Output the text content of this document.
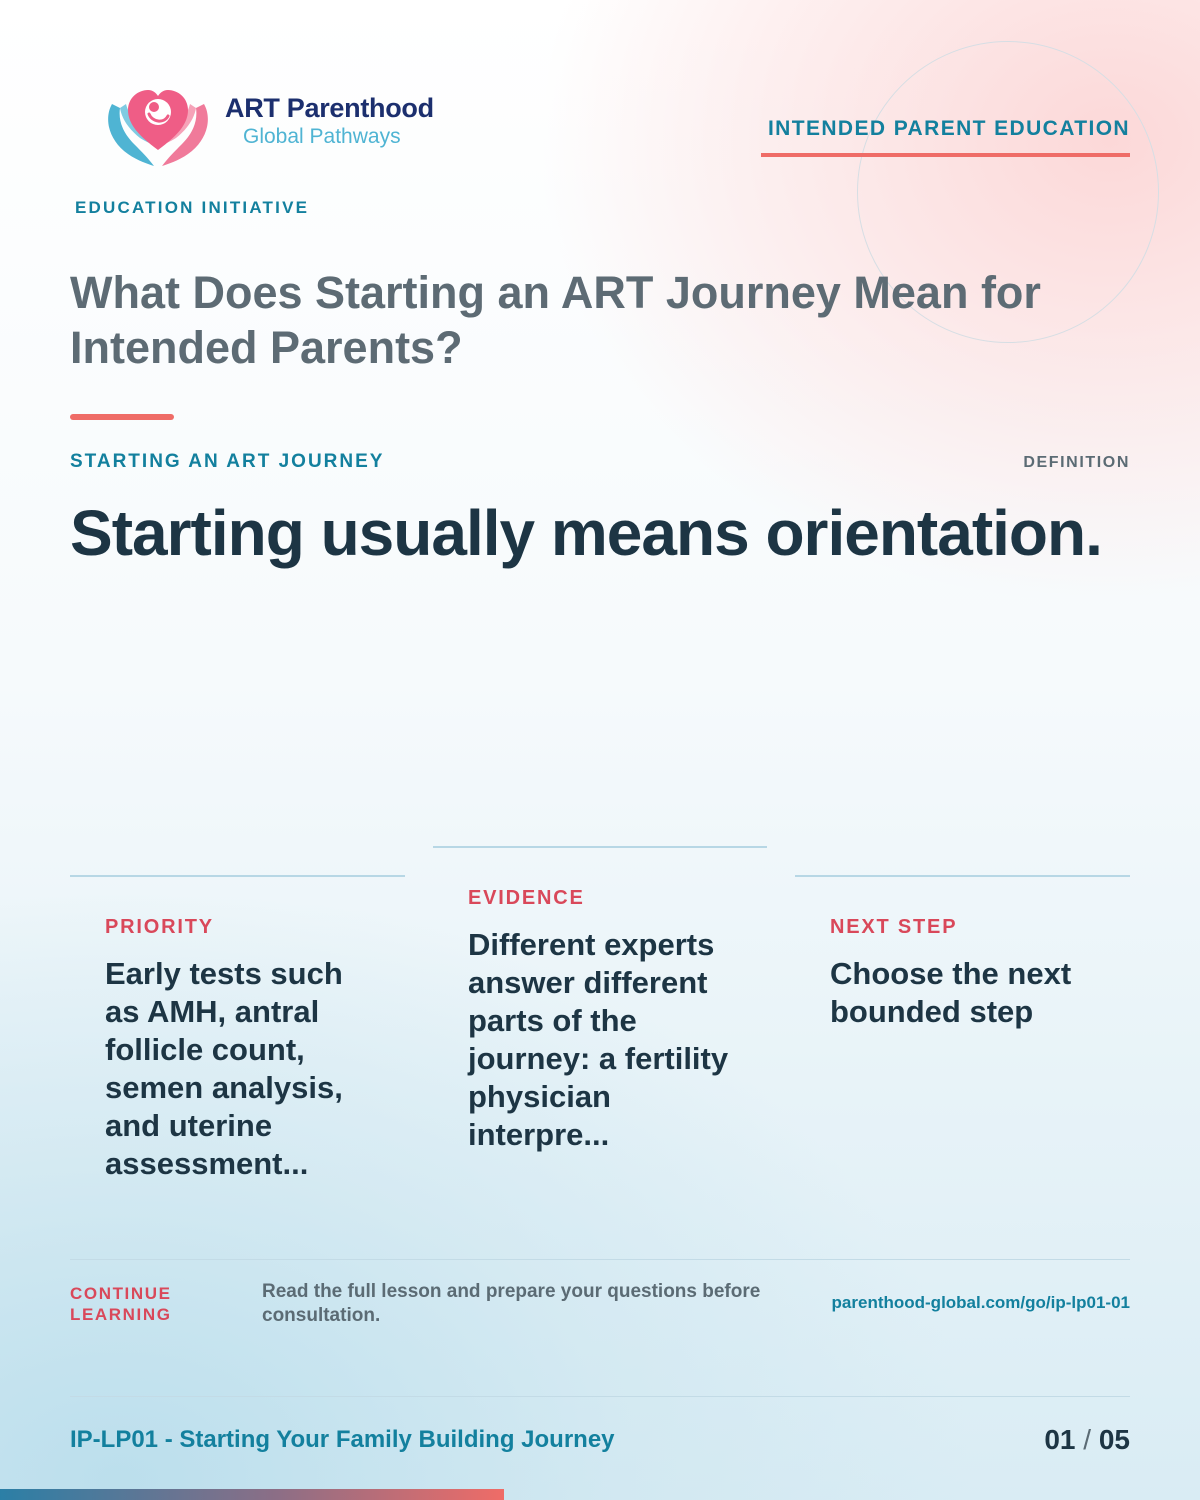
ART Parenthood
Global Pathways	INTENDED PARENT EDUCATION
EDUCATION INITIATIVE
What Does Starting an ART Journey Mean for Intended Parents?
STARTING AN ART JOURNEY	DEFINITION
Starting usually means orientation.
PRIORITY
Early tests such as AMH, antral follicle count, semen analysis, and uterine assessment...
EVIDENCE
Different experts answer different parts of the journey: a fertility physician interpre...
NEXT STEP
Choose the next bounded step
CONTINUE LEARNING
Read the full lesson and prepare your questions before consultation.
parenthood-global.com/go/ip-lp01-01
IP-LP01 - Starting Your Family Building Journey	01 / 05
